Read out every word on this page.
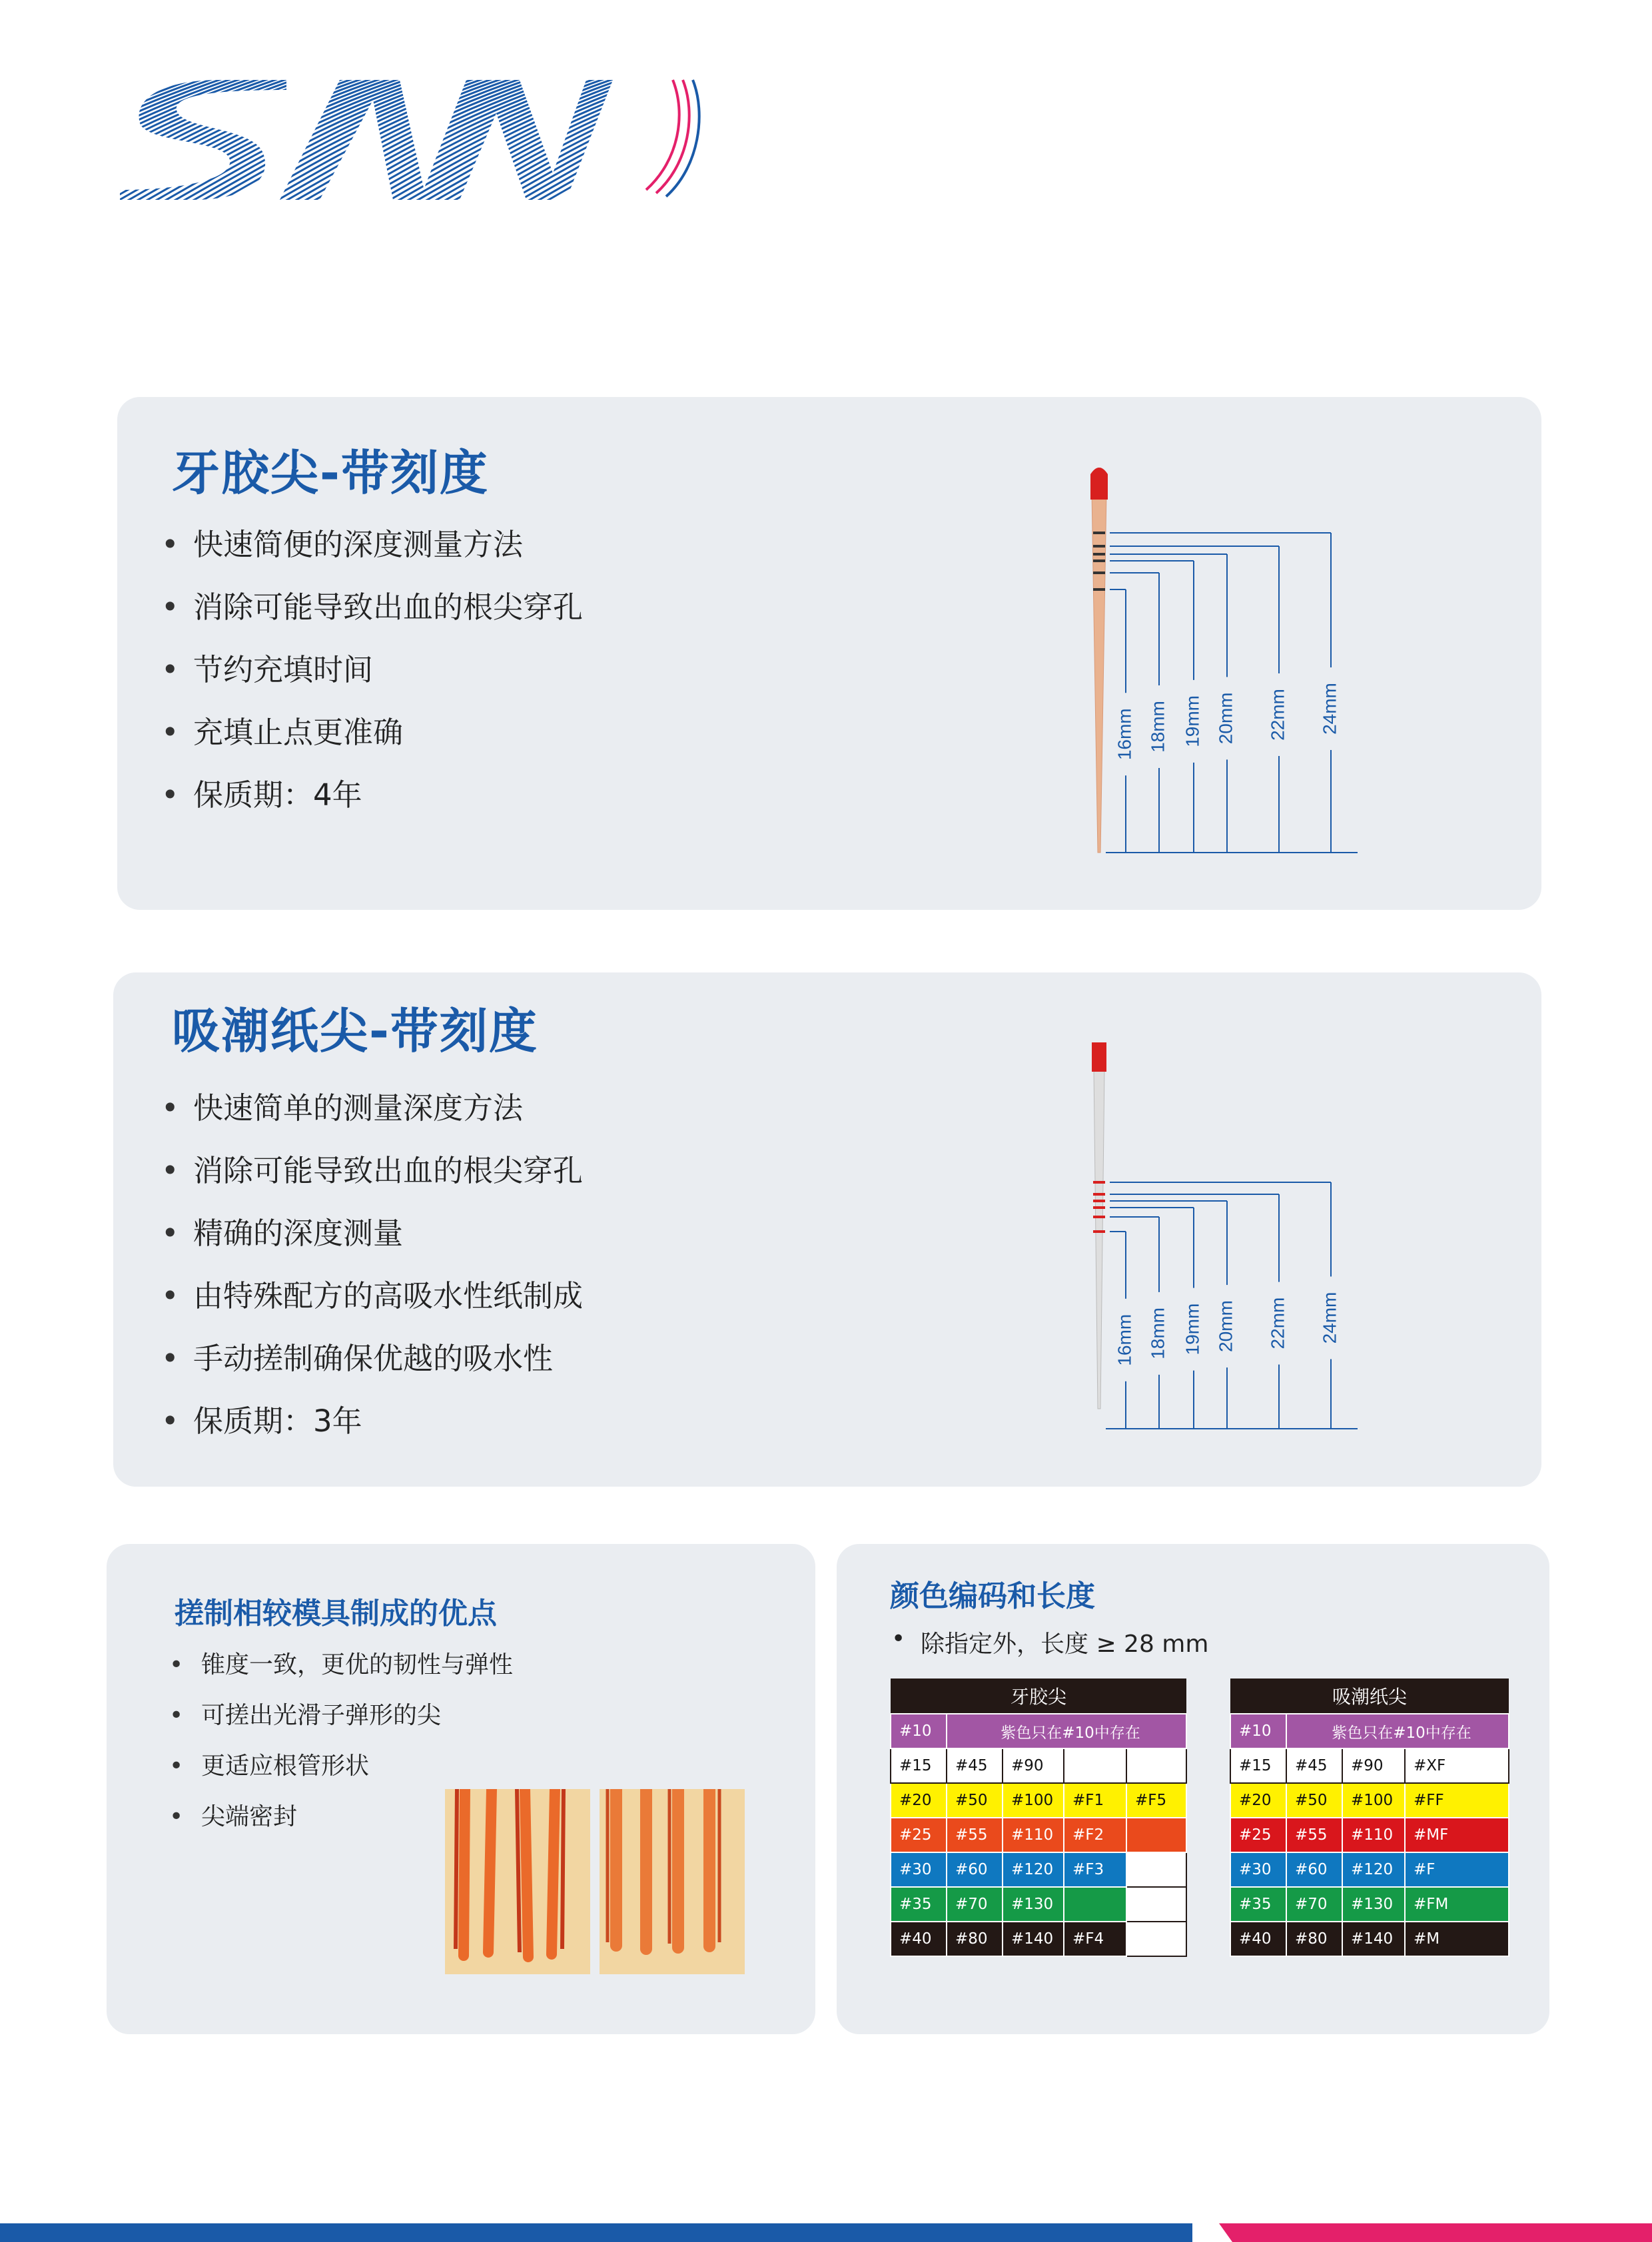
牙胶尖-带刻度
• 快速简便的深度测量方法
• 消除可能导致出血的根尖穿孔
• 节约充填时间
• 充填止点更准确
• 保质期：4年
16mm 18mm 19mm 20mm 22mm 24mm
吸潮纸尖-带刻度
• 快速简单的测量深度方法
• 消除可能导致出血的根尖穿孔
• 精确的深度测量
• 由特殊配方的高吸水性纸制成
• 手动搓制确保优越的吸水性
• 保质期：3年
16mm 18mm 19mm 20mm 22mm 24mm
搓制相较模具制成的优点
• 锥度一致，更优的韧性与弹性
• 可搓出光滑子弹形的尖
• 更适应根管形状
• 尖端密封
颜色编码和长度
• 除指定外，长度 ≥ 28 mm
牙胶尖				
#10	紫色只在#10中存在			
#15	#45	#90		
#20	#50	#100	#F1	#F5
#25	#55	#110	#F2	
#30	#60	#120	#F3	
#35	#70	#130		
#40	#80	#140	#F4	
吸潮纸尖			
#10	紫色只在#10中存在		
#15	#45	#90	#XF
#20	#50	#100	#FF
#25	#55	#110	#MF
#30	#60	#120	#F
#35	#70	#130	#FM
#40	#80	#140	#M
